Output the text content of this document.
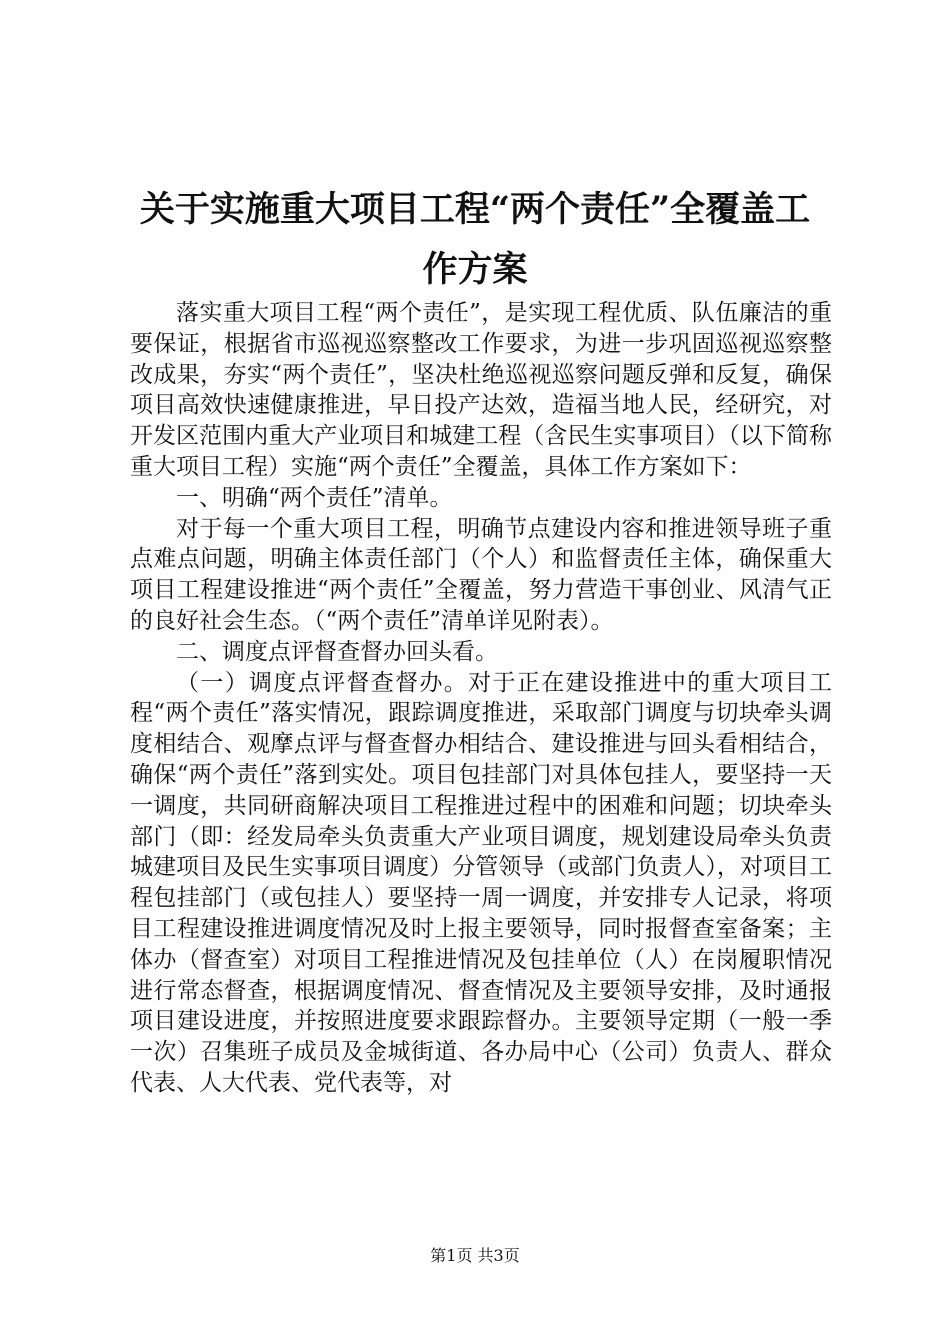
关于实施重大项目工程“两个责任”全覆盖工
作方案

落实重大项目工程“两个责任”，是实现工程优质、队伍廉洁的重要保证，根据省市巡视巡察整改工作要求，为进一步巩固巡视巡察整改成果，夯实“两个责任”，坚决杜绝巡视巡察问题反弹和反复，确保项目高效快速健康推进，早日投产达效，造福当地人民，经研究，对开发区范围内重大产业项目和城建工程（含民生实事项目）（以下简称重大项目工程）实施“两个责任”全覆盖，具体工作方案如下：

一、明确“两个责任”清单。

对于每一个重大项目工程，明确节点建设内容和推进领导班子重点难点问题，明确主体责任部门（个人）和监督责任主体，确保重大项目工程建设推进“两个责任”全覆盖，努力营造干事创业、风清气正的良好社会生态。（“两个责任”清单详见附表）。

二、调度点评督查督办回头看。

（一）调度点评督查督办。对于正在建设推进中的重大项目工程“两个责任”落实情况，跟踪调度推进，采取部门调度与切块牵头调度相结合、观摩点评与督查督办相结合、建设推进与回头看相结合，确保“两个责任”落到实处。项目包挂部门对具体包挂人，要坚持一天一调度，共同研商解决项目工程推进过程中的困难和问题；切块牵头部门（即：经发局牵头负责重大产业项目调度，规划建设局牵头负责城建项目及民生实事项目调度）分管领导（或部门负责人），对项目工程包挂部门（或包挂人）要坚持一周一调度，并安排专人记录，将项目工程建设推进调度情况及时上报主要领导，同时报督查室备案；主体办（督查室）对项目工程推进情况及包挂单位（人）在岗履职情况进行常态督查，根据调度情况、督查情况及主要领导安排，及时通报项目建设进度，并按照进度要求跟踪督办。主要领导定期（一般一季一次）召集班子成员及金城街道、各办局中心（公司）负责人、群众代表、人大代表、党代表等，对

第1页 共3页
